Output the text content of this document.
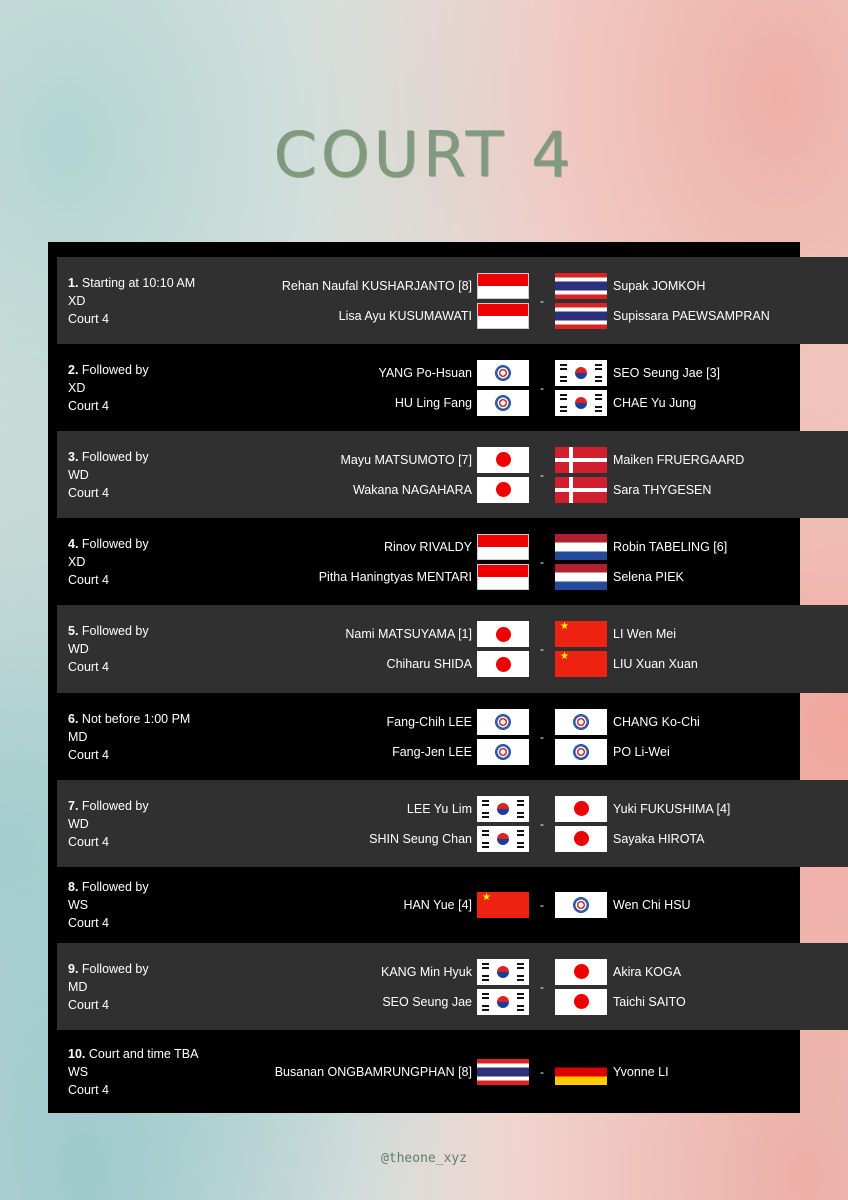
COURT 4
1. Starting at 10:10 AM
XD
Court 4
Rehan Naufal KUSHARJANTO [8]
Lisa Ayu KUSUMAWATI
-
Supak JOMKOH
Supissara PAEWSAMPRAN
2. Followed by
XD
Court 4
YANG Po-Hsuan
HU Ling Fang
-
SEO Seung Jae [3]
CHAE Yu Jung
3. Followed by
WD
Court 4
Mayu MATSUMOTO [7]
Wakana NAGAHARA
-
Maiken FRUERGAARD
Sara THYGESEN
4. Followed by
XD
Court 4
Rinov RIVALDY
Pitha Haningtyas MENTARI
-
Robin TABELING [6]
Selena PIEK
5. Followed by
WD
Court 4
Nami MATSUYAMA [1]
Chiharu SHIDA
-
★
LI Wen Mei
★
LIU Xuan Xuan
6. Not before 1:00 PM
MD
Court 4
Fang-Chih LEE
Fang-Jen LEE
-
CHANG Ko-Chi
PO Li-Wei
7. Followed by
WD
Court 4
LEE Yu Lim
SHIN Seung Chan
-
Yuki FUKUSHIMA [4]
Sayaka HIROTA
8. Followed by
WS
Court 4
HAN Yue [4]
★	-	Wen Chi HSU
9. Followed by
MD
Court 4
KANG Min Hyuk
SEO Seung Jae
-
Akira KOGA
Taichi SAITO
10. Court and time TBA
WS
Court 4
Busanan ONGBAMRUNGPHAN [8]	-	Yvonne LI
@theone_xyz
